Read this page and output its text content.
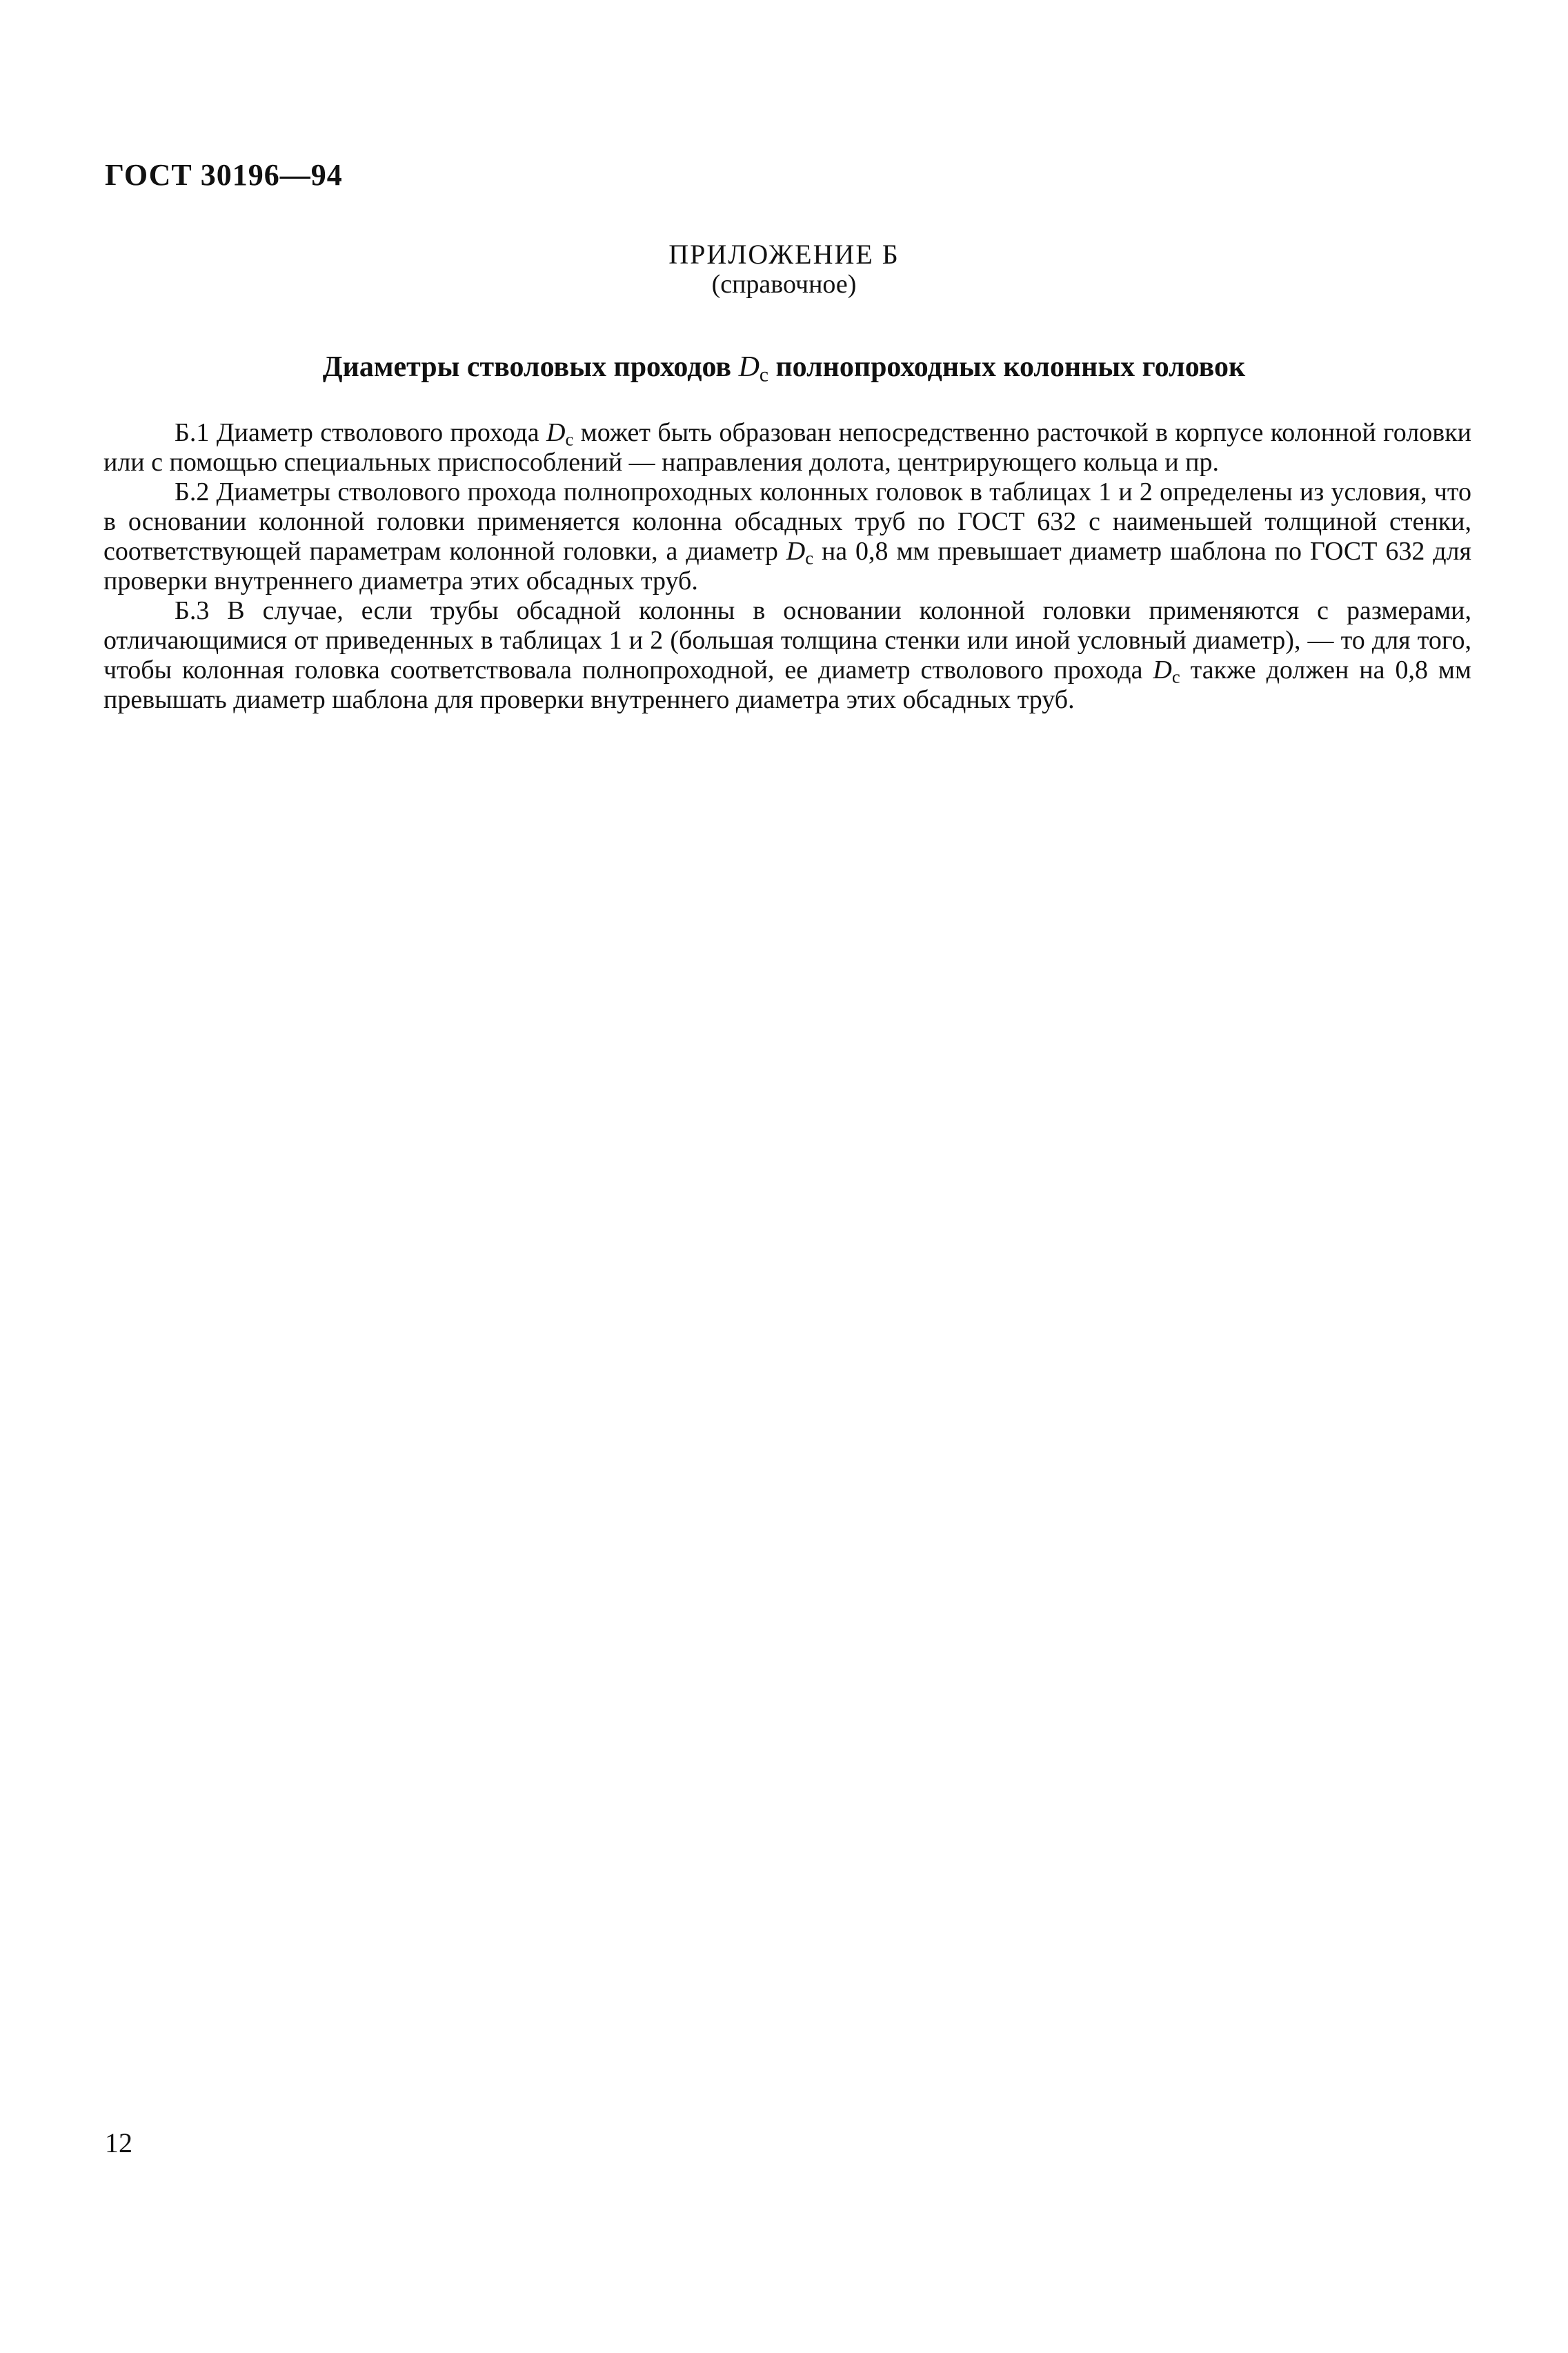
ГОСТ 30196—94
ПРИЛОЖЕНИЕ Б
(справочное)
Диаметры стволовых проходов $D_c$ полнопроходных колонных головок

Б.1 Диаметр стволового прохода $D_c$ может быть образован непосредственно расточкой в корпусе колонной головки или с помощью специальных приспособлений — направления долота, центрирующего кольца и пр.

Б.2 Диаметры стволового прохода полнопроходных колонных головок в таблицах 1 и 2 определены из условия, что в основании колонной головки применяется колонна обсадных труб по ГОСТ 632 с наименьшей толщиной стенки, соответствующей параметрам колонной головки, а диаметр $D_c$ на 0,8 мм превышает диаметр шаблона по ГОСТ 632 для проверки внутреннего диаметра этих обсадных труб.

Б.3 В случае, если трубы обсадной колонны в основании колонной головки применяются с размерами, отличающимися от приведенных в таблицах 1 и 2 (большая толщина стенки или иной условный диаметр), — то для того, чтобы колонная головка соответствовала полнопроходной, ее диаметр стволового прохода $D_c$ также должен на 0,8 мм превышать диаметр шаблона для проверки внутреннего диаметра этих обсадных труб.

12
